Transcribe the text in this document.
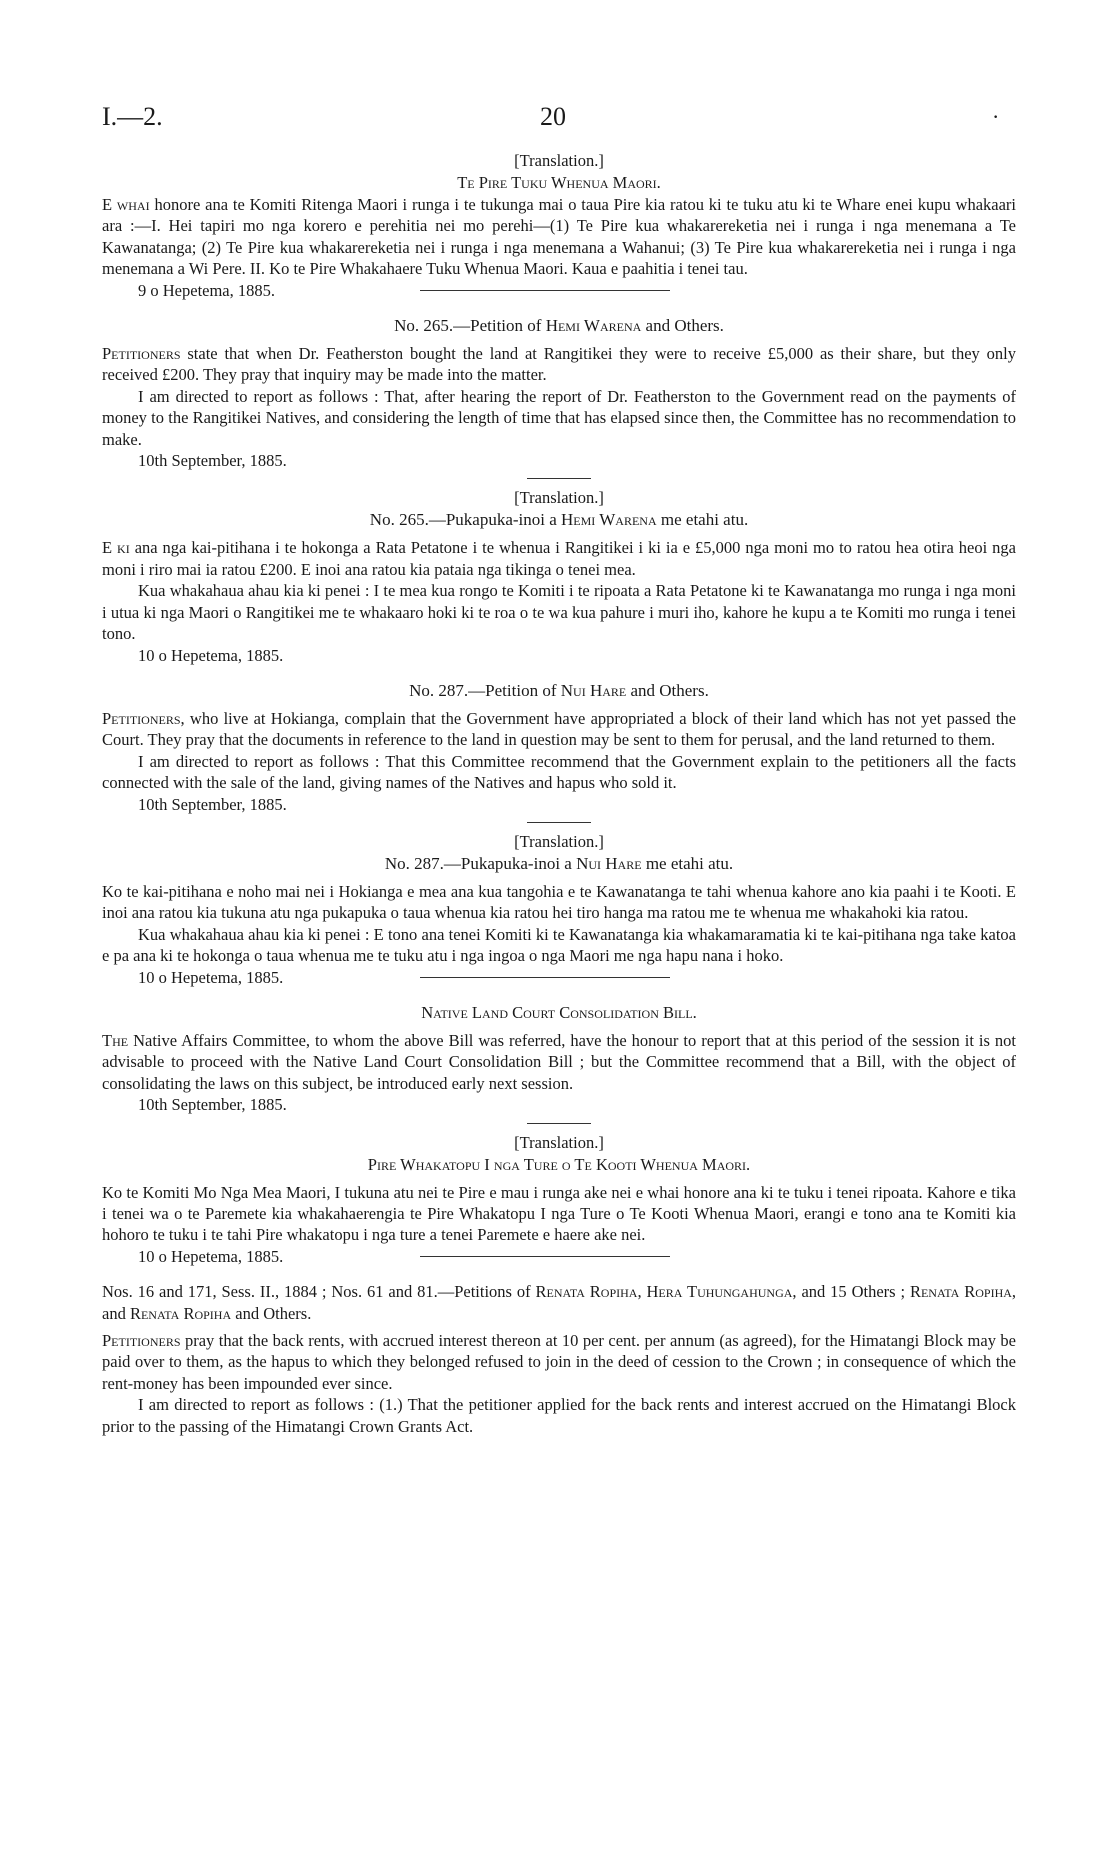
I.—2.	20	·

[Translation.]

Te Pire Tuku Whenua Maori.

E whai honore ana te Komiti Ritenga Maori i runga i te tukunga mai o taua Pire kia ratou ki te tuku atu ki te Whare enei kupu whakaari ara :—I. Hei tapiri mo nga korero e perehitia nei mo perehi—(1) Te Pire kua whakarereketia nei i runga i nga menemana a Te Kawanatanga; (2) Te Pire kua whakarereketia nei i runga i nga menemana a Wahanui; (3) Te Pire kua whakarereketia nei i runga i nga menemana a Wi Pere. II. Ko te Pire Whakahaere Tuku Whenua Maori. Kaua e paahitia i tenei tau.

9 o Hepetema, 1885.

No. 265.—Petition of Hemi Warena and Others.

Petitioners state that when Dr. Featherston bought the land at Rangitikei they were to receive £5,000 as their share, but they only received £200. They pray that inquiry may be made into the matter.

I am directed to report as follows : That, after hearing the report of Dr. Featherston to the Government read on the payments of money to the Rangitikei Natives, and considering the length of time that has elapsed since then, the Committee has no recommendation to make.

10th September, 1885.

[Translation.]

No. 265.—Pukapuka-inoi a Hemi Warena me etahi atu.

E ki ana nga kai-pitihana i te hokonga a Rata Petatone i te whenua i Rangitikei i ki ia e £5,000 nga moni mo to ratou hea otira heoi nga moni i riro mai ia ratou £200. E inoi ana ratou kia pataia nga tikinga o tenei mea.

Kua whakahaua ahau kia ki penei : I te mea kua rongo te Komiti i te ripoata a Rata Petatone ki te Kawanatanga mo runga i nga moni i utua ki nga Maori o Rangitikei me te whakaaro hoki ki te roa o te wa kua pahure i muri iho, kahore he kupu a te Komiti mo runga i tenei tono.

10 o Hepetema, 1885.

No. 287.—Petition of Nui Hare and Others.

Petitioners, who live at Hokianga, complain that the Government have appropriated a block of their land which has not yet passed the Court. They pray that the documents in reference to the land in question may be sent to them for perusal, and the land returned to them.

I am directed to report as follows : That this Committee recommend that the Government explain to the petitioners all the facts connected with the sale of the land, giving names of the Natives and hapus who sold it.

10th September, 1885.

[Translation.]

No. 287.—Pukapuka-inoi a Nui Hare me etahi atu.

Ko te kai-pitihana e noho mai nei i Hokianga e mea ana kua tangohia e te Kawanatanga te tahi whenua kahore ano kia paahi i te Kooti. E inoi ana ratou kia tukuna atu nga pukapuka o taua whenua kia ratou hei tiro hanga ma ratou me te whenua me whakahoki kia ratou.

Kua whakahaua ahau kia ki penei : E tono ana tenei Komiti ki te Kawanatanga kia whakamaramatia ki te kai-pitihana nga take katoa e pa ana ki te hokonga o taua whenua me te tuku atu i nga ingoa o nga Maori me nga hapu nana i hoko.

10 o Hepetema, 1885.

Native Land Court Consolidation Bill.

The Native Affairs Committee, to whom the above Bill was referred, have the honour to report that at this period of the session it is not advisable to proceed with the Native Land Court Consolidation Bill ; but the Committee recommend that a Bill, with the object of consolidating the laws on this subject, be introduced early next session.

10th September, 1885.

[Translation.]

Pire Whakatopu I nga Ture o Te Kooti Whenua Maori.

Ko te Komiti Mo Nga Mea Maori, I tukuna atu nei te Pire e mau i runga ake nei e whai honore ana ki te tuku i tenei ripoata. Kahore e tika i tenei wa o te Paremete kia whakahaerengia te Pire Whakatopu I nga Ture o Te Kooti Whenua Maori, erangi e tono ana te Komiti kia hohoro te tuku i te tahi Pire whakatopu i nga ture a tenei Paremete e haere ake nei.

10 o Hepetema, 1885.

Nos. 16 and 171, Sess. II., 1884 ; Nos. 61 and 81.—Petitions of Renata Ropiha, Hera Tuhungahunga, and 15 Others ; Renata Ropiha, and Renata Ropiha and Others.

Petitioners pray that the back rents, with accrued interest thereon at 10 per cent. per annum (as agreed), for the Himatangi Block may be paid over to them, as the hapus to which they belonged refused to join in the deed of cession to the Crown ; in consequence of which the rent-money has been impounded ever since.

I am directed to report as follows : (1.) That the petitioner applied for the back rents and interest accrued on the Himatangi Block prior to the passing of the Himatangi Crown Grants Act.
